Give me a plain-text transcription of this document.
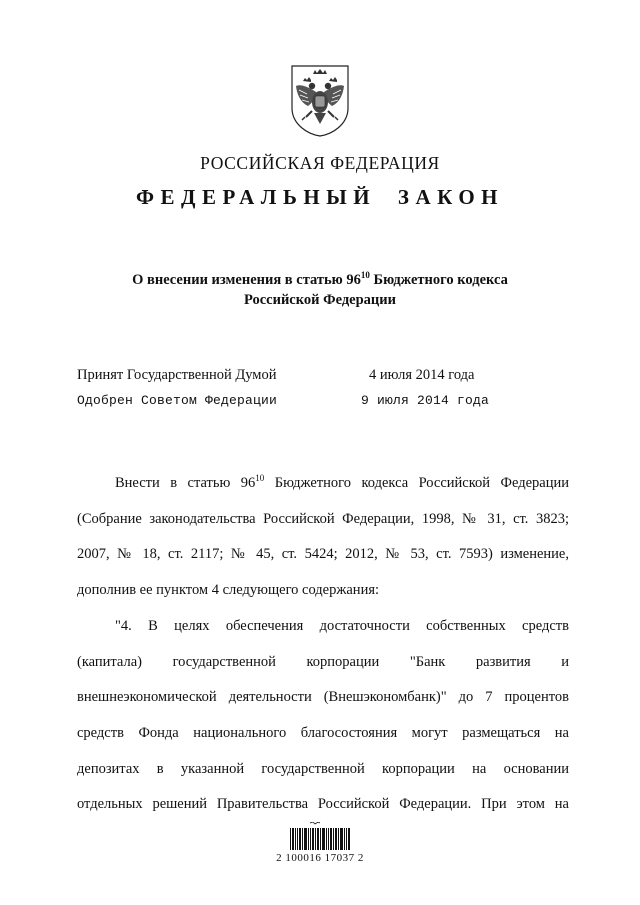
РОССИЙСКАЯ ФЕДЕРАЦИЯ
ФЕДЕРАЛЬНЫЙ ЗАКОН
О внесении изменения в статью $96^{10}$ Бюджетного кодекса
Российской Федерации
Принят Государственной Думой	4 июля 2014 года
Одобрен Советом Федерации	9 июля 2014 года

Внести в статью $96^{10}$ Бюджетного кодекса Российской Федерации

(Собрание законодательства Российской Федерации, 1998, № 31, ст. 3823;

2007, № 18, ст. 2117; № 45, ст. 5424; 2012, № 53, ст. 7593) изменение,

дополнив ее пунктом 4 следующего содержания:

"4. В целях обеспечения достаточности собственных средств

(капитала) государственной корпорации "Банк развития и

внешнеэкономической деятельности (Внешэкономбанк)" до 7 процентов

средств Фонда национального благосостояния могут размещаться на

депозитах в указанной государственной корпорации на основании

отдельных решений Правительства Российской Федерации. При этом на

2 100016 17037 2
